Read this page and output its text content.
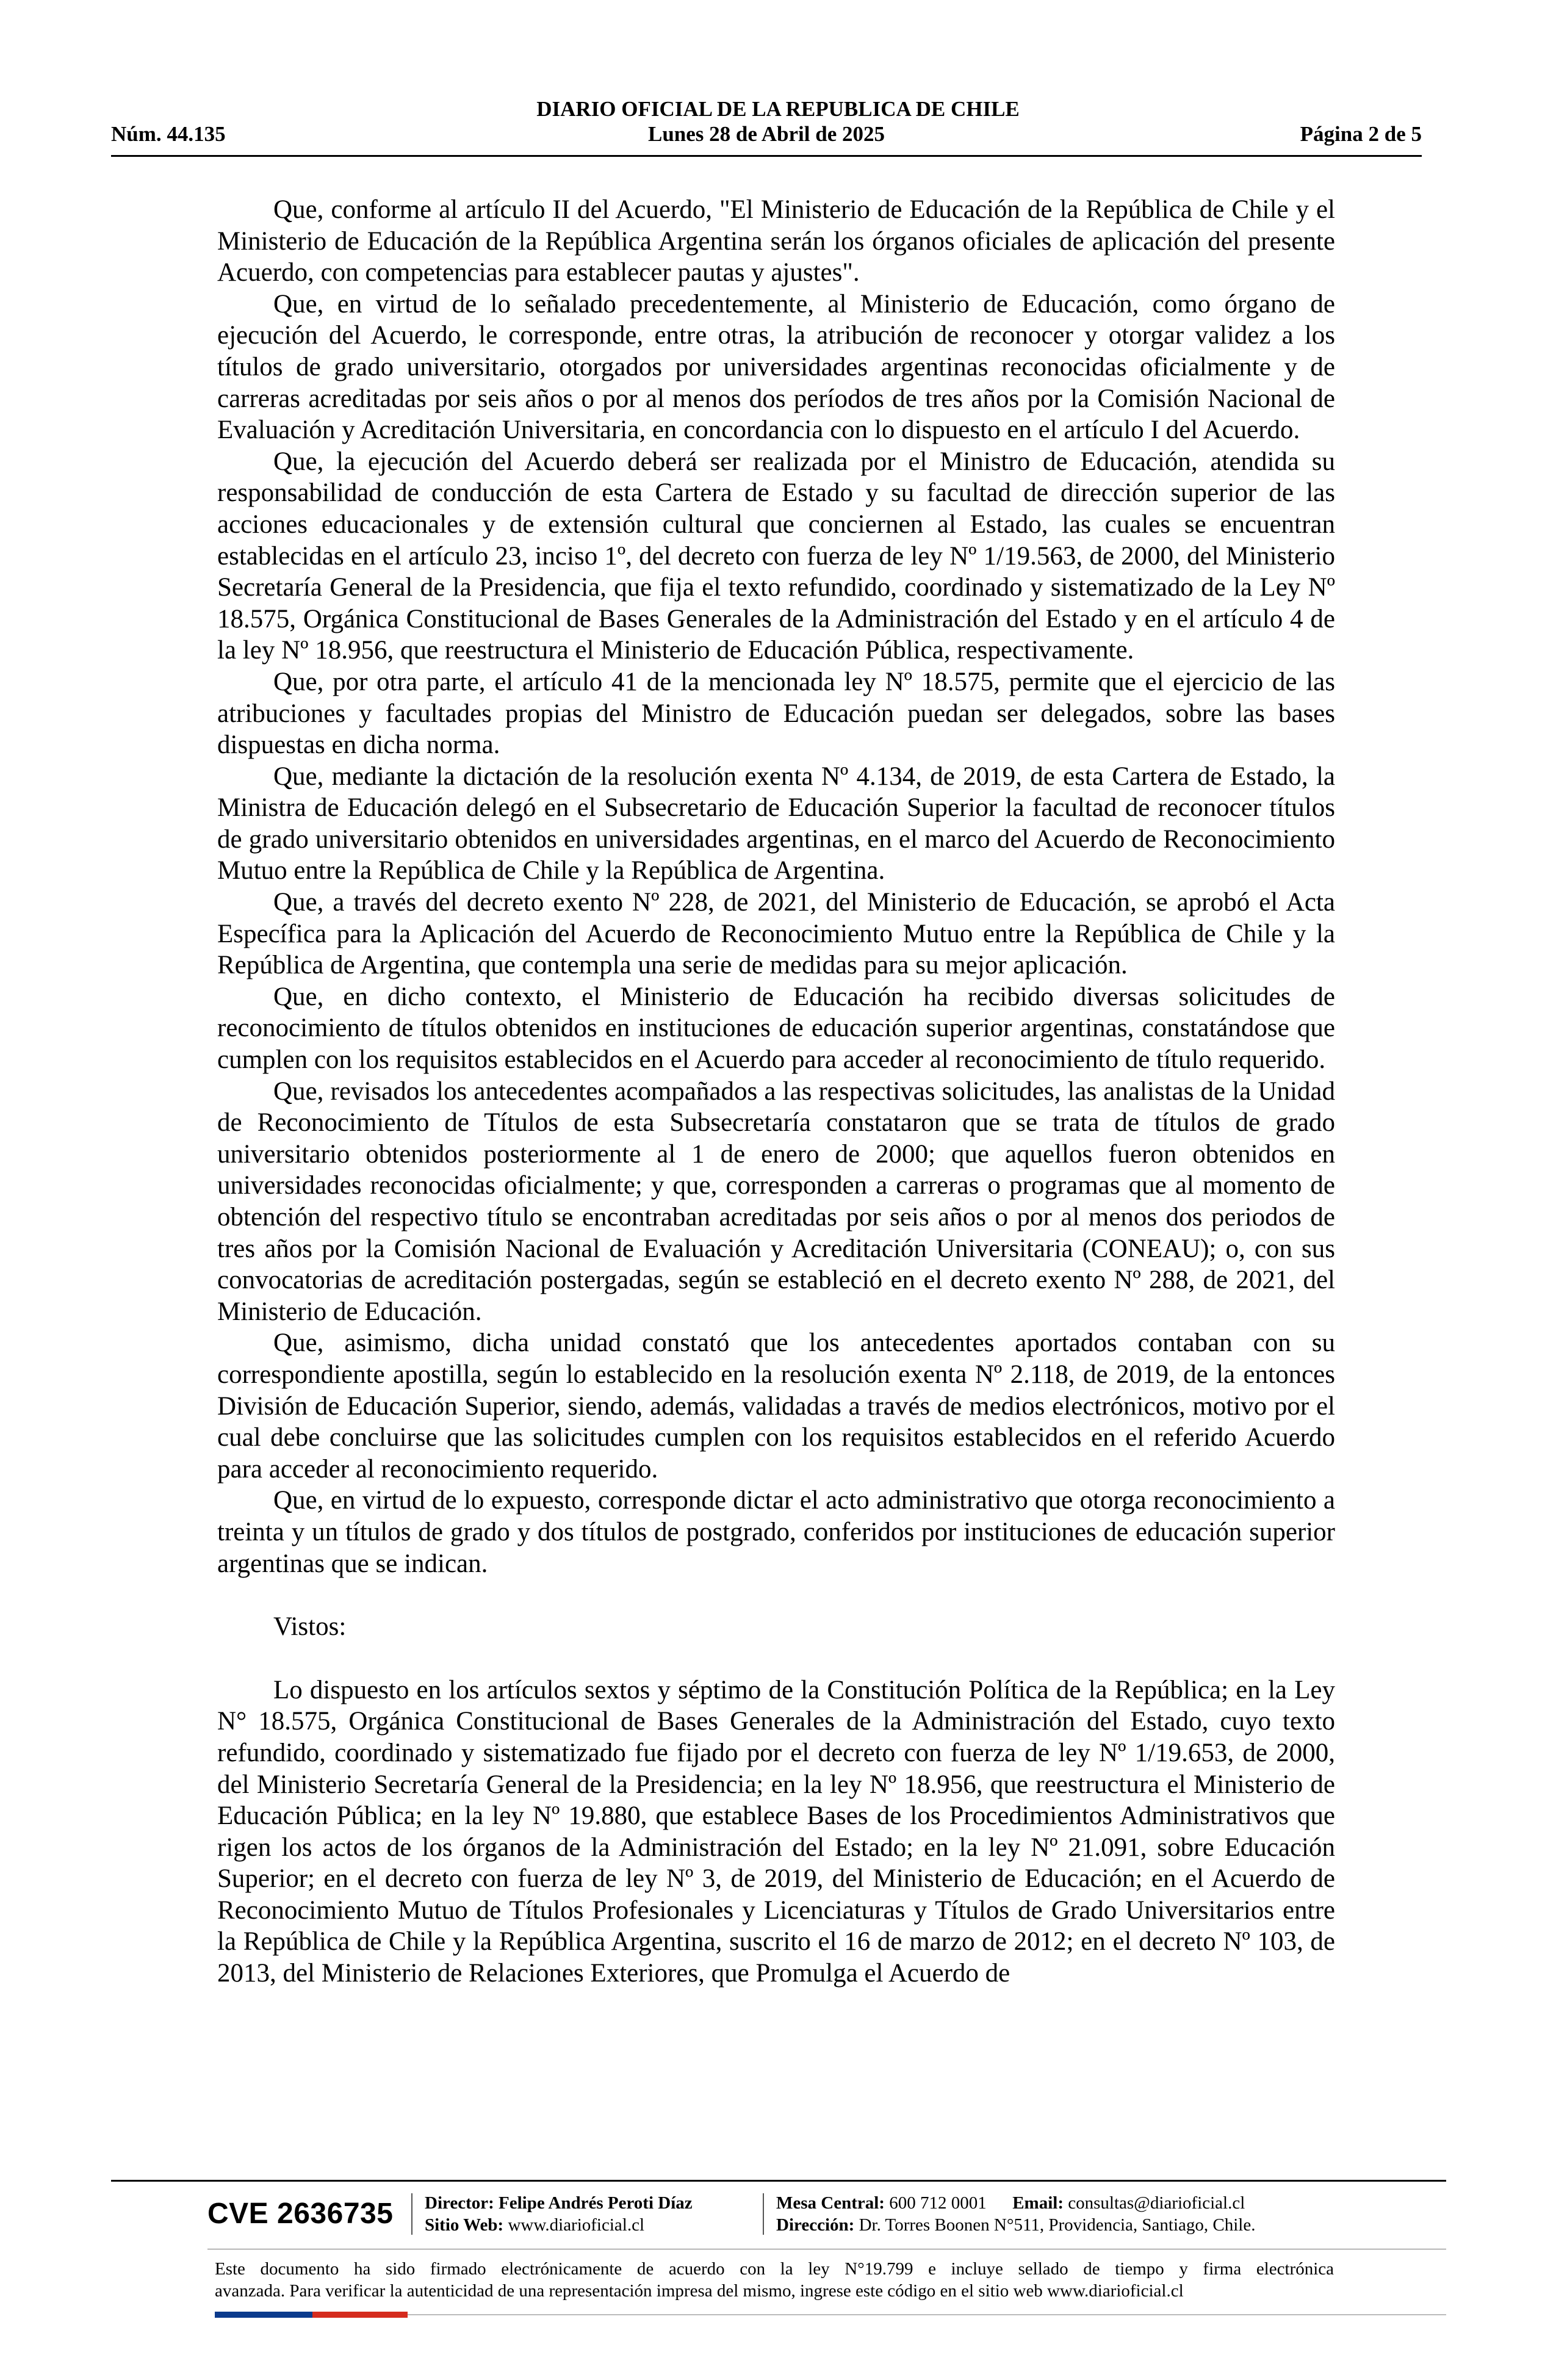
DIARIO OFICIAL DE LA REPUBLICA DE CHILE
Núm. 44.135	Lunes 28 de Abril de 2025	Página 2 de 5

Que, conforme al artículo II del Acuerdo, "El Ministerio de Educación de la República de Chile y el Ministerio de Educación de la República Argentina serán los órganos oficiales de aplicación del presente Acuerdo, con competencias para establecer pautas y ajustes".

Que, en virtud de lo señalado precedentemente, al Ministerio de Educación, como órgano de ejecución del Acuerdo, le corresponde, entre otras, la atribución de reconocer y otorgar validez a los títulos de grado universitario, otorgados por universidades argentinas reconocidas oficialmente y de carreras acreditadas por seis años o por al menos dos períodos de tres años por la Comisión Nacional de Evaluación y Acreditación Universitaria, en concordancia con lo dispuesto en el artículo I del Acuerdo.

Que, la ejecución del Acuerdo deberá ser realizada por el Ministro de Educación, atendida su responsabilidad de conducción de esta Cartera de Estado y su facultad de dirección superior de las acciones educacionales y de extensión cultural que conciernen al Estado, las cuales se encuentran establecidas en el artículo 23, inciso 1º, del decreto con fuerza de ley Nº 1/19.563, de 2000, del Ministerio Secretaría General de la Presidencia, que fija el texto refundido, coordinado y sistematizado de la Ley Nº 18.575, Orgánica Constitucional de Bases Generales de la Administración del Estado y en el artículo 4 de la ley Nº 18.956, que reestructura el Ministerio de Educación Pública, respectivamente.

Que, por otra parte, el artículo 41 de la mencionada ley Nº 18.575, permite que el ejercicio de las atribuciones y facultades propias del Ministro de Educación puedan ser delegados, sobre las bases dispuestas en dicha norma.

Que, mediante la dictación de la resolución exenta Nº 4.134, de 2019, de esta Cartera de Estado, la Ministra de Educación delegó en el Subsecretario de Educación Superior la facultad de reconocer títulos de grado universitario obtenidos en universidades argentinas, en el marco del Acuerdo de Reconocimiento Mutuo entre la República de Chile y la República de Argentina.

Que, a través del decreto exento Nº 228, de 2021, del Ministerio de Educación, se aprobó el Acta Específica para la Aplicación del Acuerdo de Reconocimiento Mutuo entre la República de Chile y la República de Argentina, que contempla una serie de medidas para su mejor aplicación.

Que, en dicho contexto, el Ministerio de Educación ha recibido diversas solicitudes de reconocimiento de títulos obtenidos en instituciones de educación superior argentinas, constatándose que cumplen con los requisitos establecidos en el Acuerdo para acceder al reconocimiento de título requerido.

Que, revisados los antecedentes acompañados a las respectivas solicitudes, las analistas de la Unidad de Reconocimiento de Títulos de esta Subsecretaría constataron que se trata de títulos de grado universitario obtenidos posteriormente al 1 de enero de 2000; que aquellos fueron obtenidos en universidades reconocidas oficialmente; y que, corresponden a carreras o programas que al momento de obtención del respectivo título se encontraban acreditadas por seis años o por al menos dos periodos de tres años por la Comisión Nacional de Evaluación y Acreditación Universitaria (CONEAU); o, con sus convocatorias de acreditación postergadas, según se estableció en el decreto exento Nº 288, de 2021, del Ministerio de Educación.

Que, asimismo, dicha unidad constató que los antecedentes aportados contaban con su correspondiente apostilla, según lo establecido en la resolución exenta Nº 2.118, de 2019, de la entonces División de Educación Superior, siendo, además, validadas a través de medios electrónicos, motivo por el cual debe concluirse que las solicitudes cumplen con los requisitos establecidos en el referido Acuerdo para acceder al reconocimiento requerido.

Que, en virtud de lo expuesto, corresponde dictar el acto administrativo que otorga reconocimiento a treinta y un títulos de grado y dos títulos de postgrado, conferidos por instituciones de educación superior argentinas que se indican.

Vistos:

Lo dispuesto en los artículos sextos y séptimo de la Constitución Política de la República; en la Ley N° 18.575, Orgánica Constitucional de Bases Generales de la Administración del Estado, cuyo texto refundido, coordinado y sistematizado fue fijado por el decreto con fuerza de ley Nº 1/19.653, de 2000, del Ministerio Secretaría General de la Presidencia; en la ley Nº 18.956, que reestructura el Ministerio de Educación Pública; en la ley Nº 19.880, que establece Bases de los Procedimientos Administrativos que rigen los actos de los órganos de la Administración del Estado; en la ley Nº 21.091, sobre Educación Superior; en el decreto con fuerza de ley Nº 3, de 2019, del Ministerio de Educación; en el Acuerdo de Reconocimiento Mutuo de Títulos Profesionales y Licenciaturas y Títulos de Grado Universitarios entre la República de Chile y la República Argentina, suscrito el 16 de marzo de 2012; en el decreto Nº 103, de 2013, del Ministerio de Relaciones Exteriores, que Promulga el Acuerdo de

CVE 2636735 Director: Felipe Andrés Peroti Díaz
Sitio Web: www.diarioficial.cl
Mesa Central: 600 712 0001 Email: consultas@diarioficial.cl
Dirección: Dr. Torres Boonen N°511, Providencia, Santiago, Chile.
Este documento ha sido firmado electrónicamente de acuerdo con la ley N°19.799 e incluye sellado de tiempo y firma electrónica
avanzada. Para verificar la autenticidad de una representación impresa del mismo, ingrese este código en el sitio web www.diarioficial.cl
